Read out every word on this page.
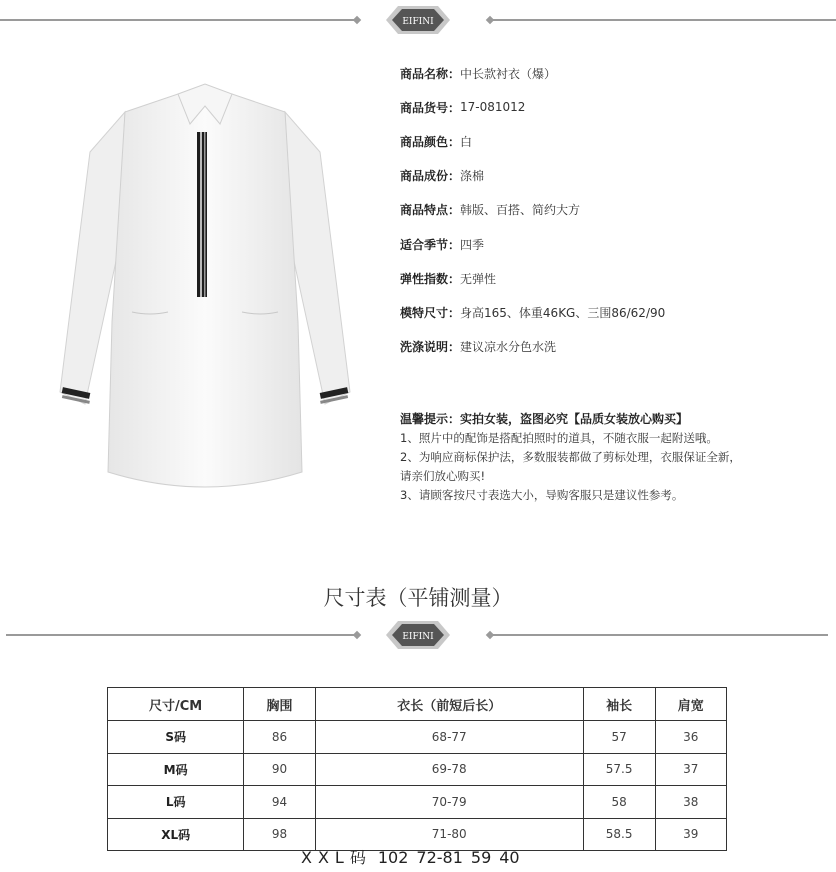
EIFINI
商品名称： 中长款衬衣（爆）
商品货号： 17-081012
商品颜色： 白
商品成份： 涤棉
商品特点： 韩版、百搭、简约大方
适合季节： 四季
弹性指数： 无弹性
模特尺寸： 身高165、体重46KG、三围86/62/90
洗涤说明： 建议凉水分色水洗
温馨提示：实拍女装，盗图必究【品质女装放心购买】
1、照片中的配饰是搭配拍照时的道具，不随衣服一起附送哦。
2、为响应商标保护法，多数服装都做了剪标处理，衣服保证全新，
请亲们放心购买!
3、请顾客按尺寸表选大小，导购客服只是建议性参考。
尺寸表（平铺测量）
EIFINI
尺寸/CM	胸围	衣长（前短后长）	袖长	肩宽
S码	86	68-77	57	36
M码	90	69-78	57.5	37
L码	94	70-79	58	38
XL码	98	71-80	58.5	39
XXL码 102 72-81 59 40
